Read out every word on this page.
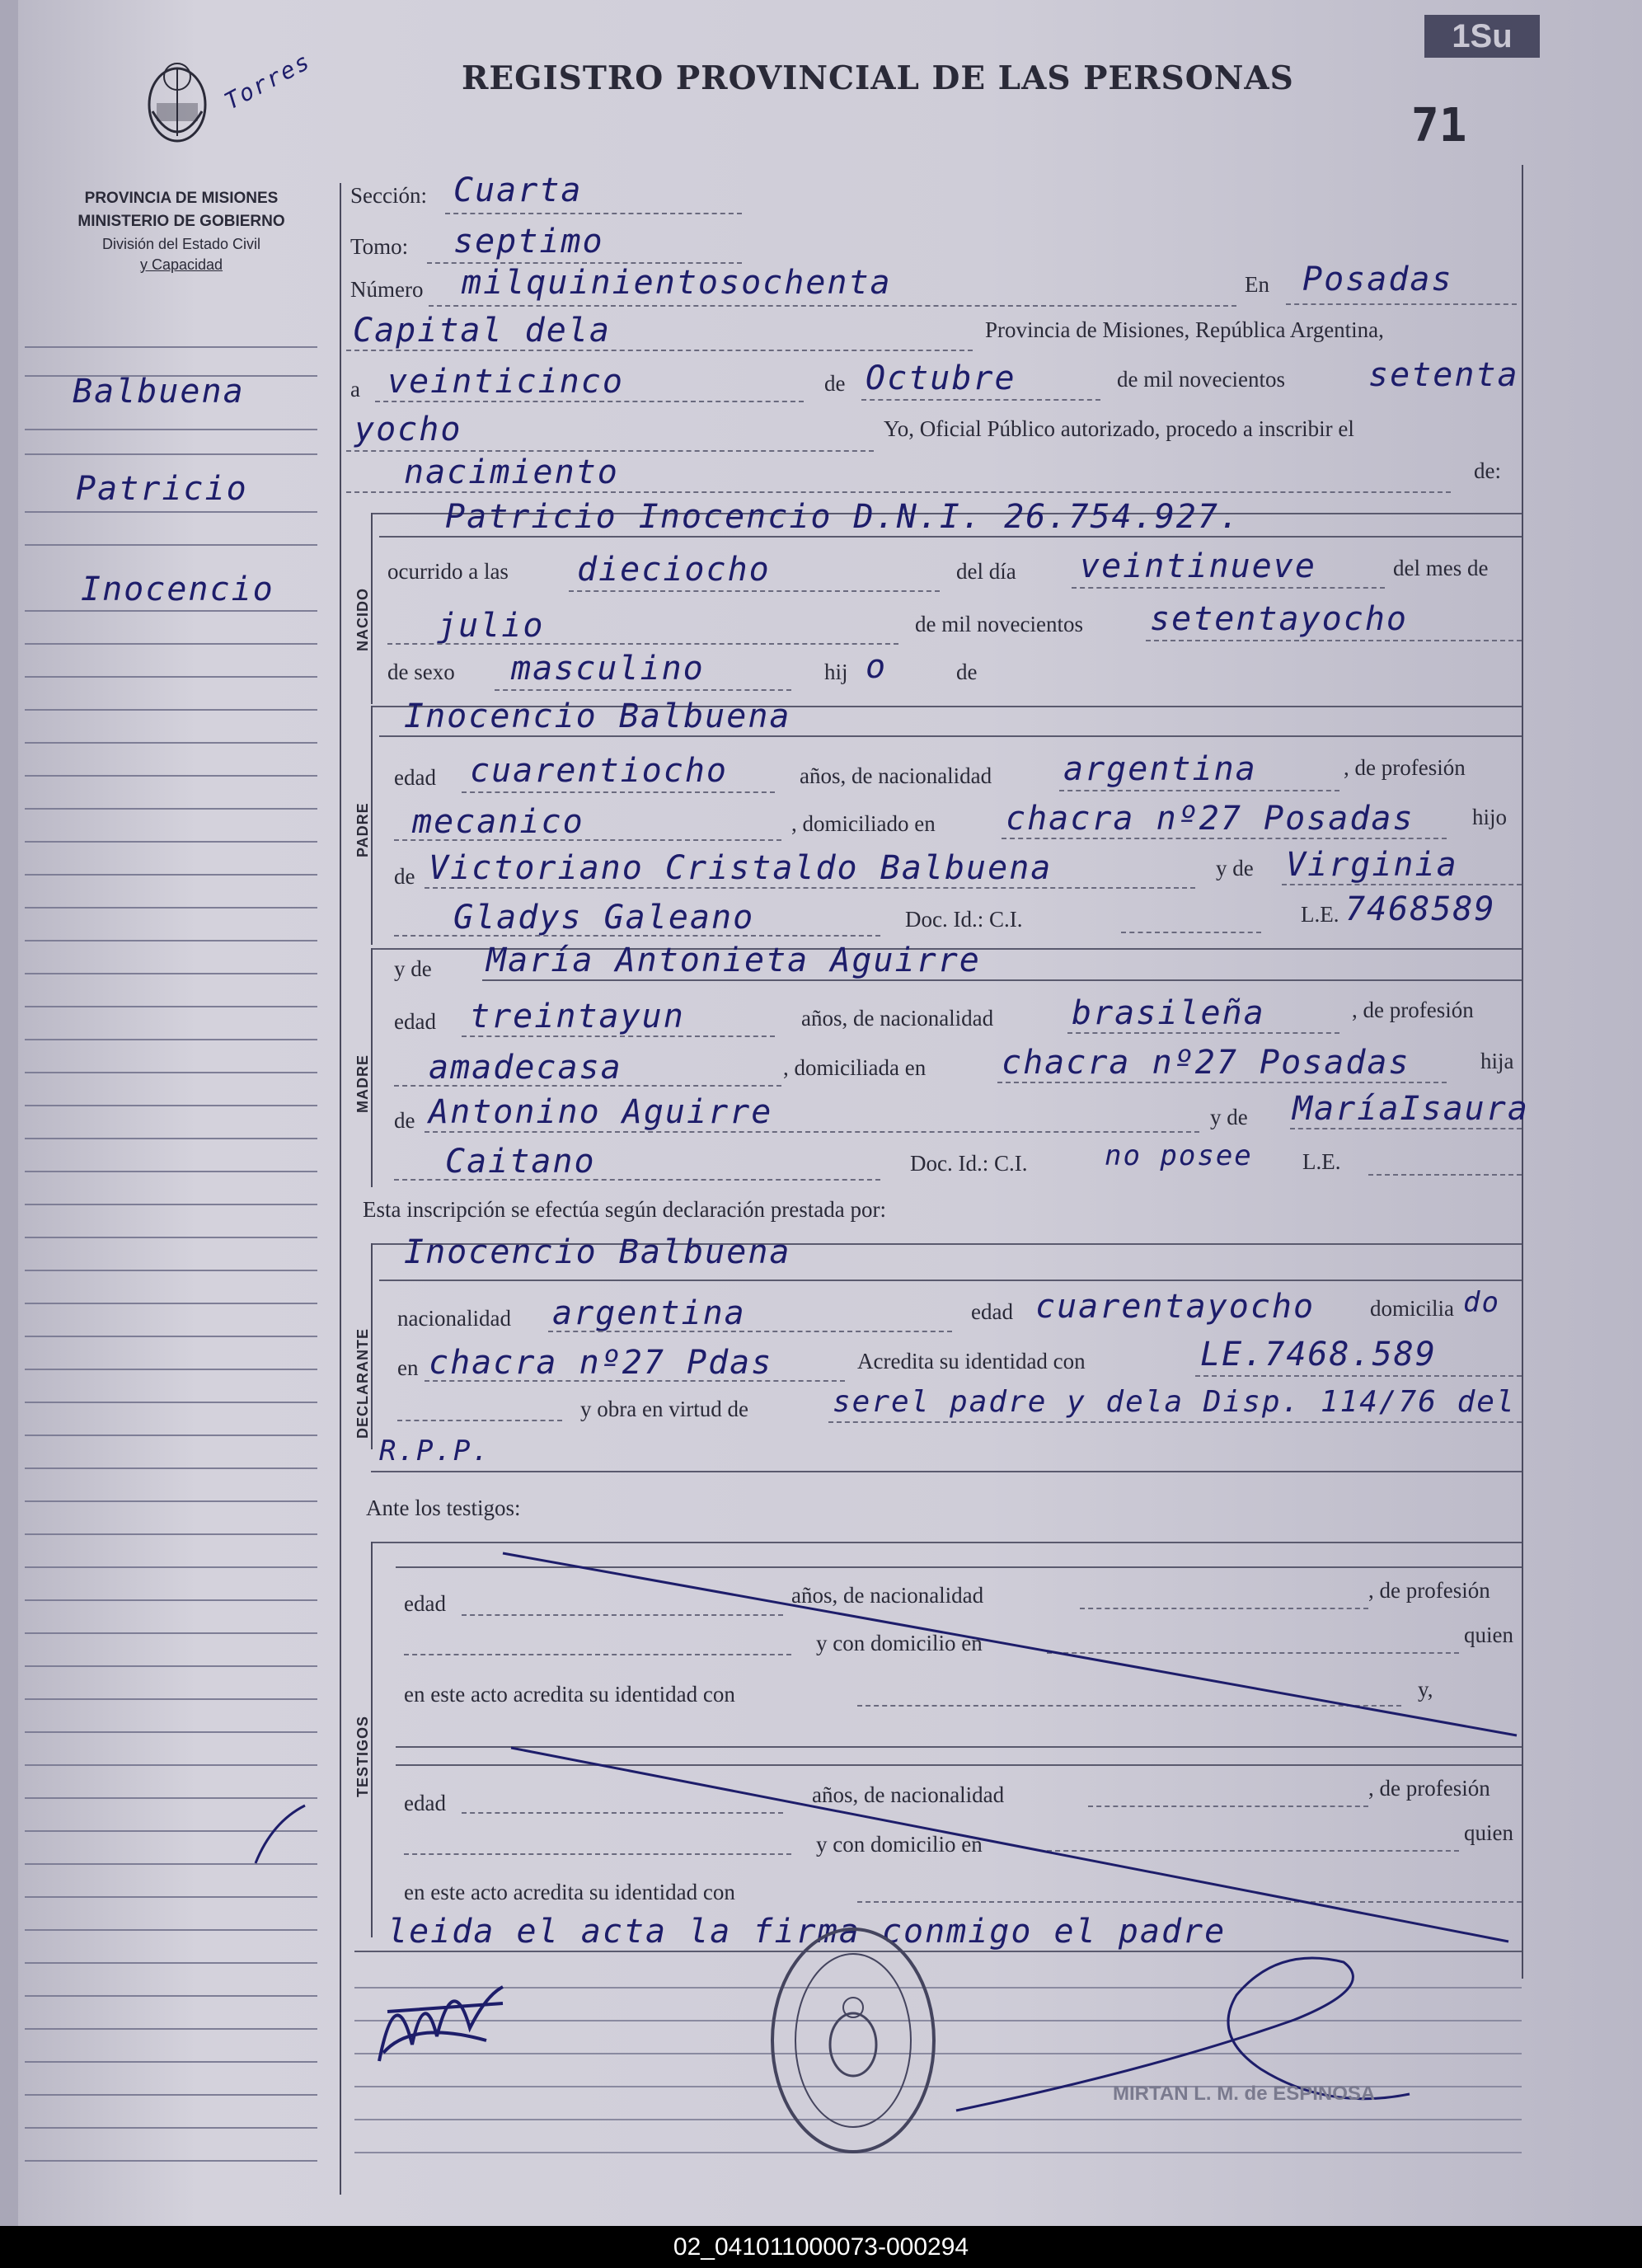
Torres	REGISTRO PROVINCIAL DE LAS PERSONAS
1Su
71
PROVINCIA DE MISIONES
MINISTERIO DE GOBIERNO
División del Estado Civil
y Capacidad
Balbuena
Patricio
Inocencio
Sección: Cuarta
Tomo: septimo
Número milquinientosochenta	En Posadas
Capital dela	Provincia de Misiones, República Argentina,
a veinticinco	de Octubre	de mil novecientos	setenta
yocho	Yo, Oficial Público autorizado, procedo a inscribir el
nacimiento	de:
NACIDO
Patricio Inocencio D.N.I. 26.754.927.
ocurrido a las dieciocho	del día veintinueve	del mes de
julio	de mil novecientos setentayocho
de sexo masculino	hij o	de
PADRE
Inocencio Balbuena
edad cuarentiocho	años, de nacionalidad argentina	, de profesión
mecanico	, domiciliado en chacra nº27 Posadas	hijo
de Victoriano Cristaldo Balbuena	y de Virginia
Gladys Galeano	Doc. Id.: C.I.	L.E. 7468589
MADRE
y de María Antonieta Aguirre
edad treintayun	años, de nacionalidad brasileña	, de profesión
amadecasa	, domiciliada en chacra nº27 Posadas	hija
de Antonino Aguirre	y de MaríaIsaura
Caitano	Doc. Id.: C.I.	no posee L.E.
Esta inscripción se efectúa según declaración prestada por:
DECLARANTE
Inocencio Balbuena
nacionalidad argentina	edad cuarentayocho domicilia do
en chacra nº27 Pdas	Acredita su identidad con	LE.7468.589
y obra en virtud de	serel padre y dela Disp. 114/76 del
R.P.P.
Ante los testigos:
TESTIGOS
edad	años, de nacionalidad	, de profesión
y con domicilio en	quien
en este acto acredita su identidad con	y,
edad	años, de nacionalidad	, de profesión
y con domicilio en	quien
en este acto acredita su identidad con
leida el acta la firma conmigo el padre
MIRTAN L. M. de ESPINOSA
02_041011000073-000294
